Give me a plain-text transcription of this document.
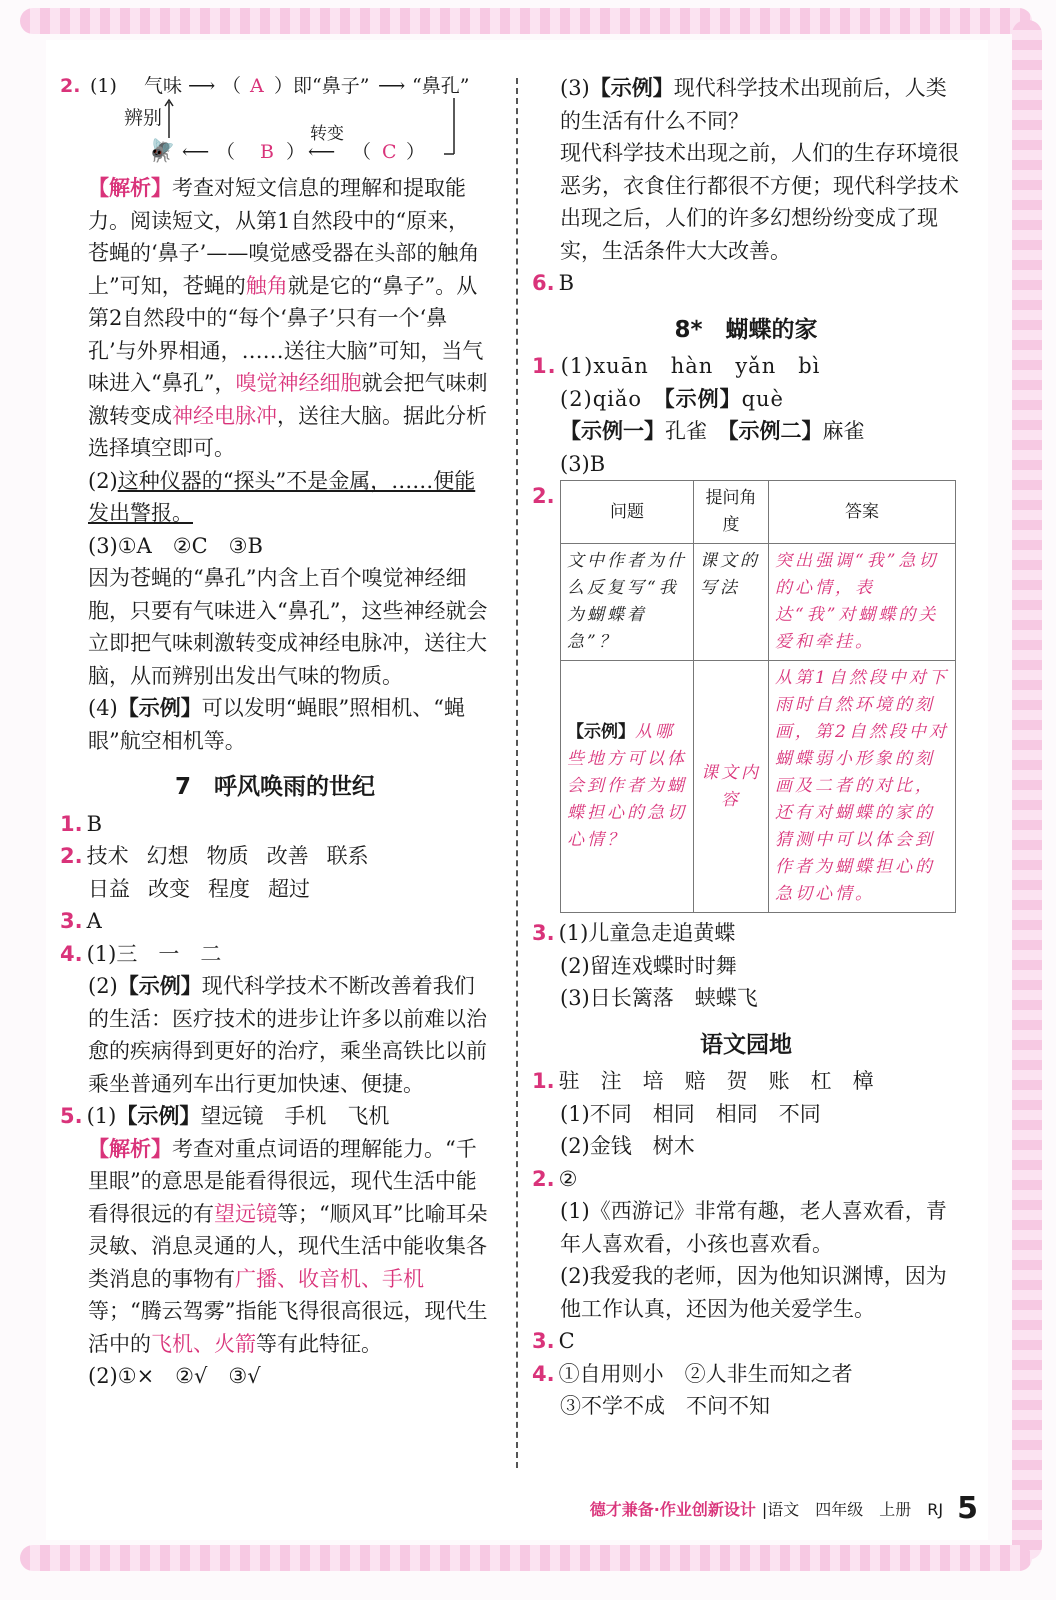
2. (1) 气味 ⟶ （ A ）即“鼻子” ⟶ “鼻孔”
辨别
🪰 ⟵ （ B ）
转变
⟵ （ C ）

【解析】考查对短文信息的理解和提取能力。阅读短文，从第1自然段中的“原来，苍蝇的‘鼻子’——嗅觉感受器在头部的触角上”可知，苍蝇的触角就是它的“鼻子”。从第2自然段中的“每个‘鼻子’只有一个‘鼻孔’与外界相通，……送往大脑”可知，当气味进入“鼻孔”，嗅觉神经细胞就会把气味刺激转变成神经电脉冲，送往大脑。据此分析选择填空即可。

(2)这种仪器的“探头”不是金属，……便能发出警报。

(3)①A　②C　③B

因为苍蝇的“鼻孔”内含上百个嗅觉神经细胞，只要有气味进入“鼻孔”，这些神经就会立即把气味刺激转变成神经电脉冲，送往大脑，从而辨别出发出气味的物质。

(4)【示例】可以发明“蝇眼”照相机、“蝇眼”航空相机等。

7　呼风唤雨的世纪

1. B

2. 技术 幻想 物质 改善 联系

日益 改变 程度 超过

3. A

4. (1)三　一　二

(2)【示例】现代科学技术不断改善着我们的生活：医疗技术的进步让许多以前难以治愈的疾病得到更好的治疗，乘坐高铁比以前乘坐普通列车出行更加快速、便捷。

5. (1)【示例】望远镜　手机　飞机

【解析】考查对重点词语的理解能力。“千里眼”的意思是能看得很远，现代生活中能看得很远的有望远镜等；“顺风耳”比喻耳朵灵敏、消息灵通的人，现代生活中能收集各类消息的事物有广播、收音机、手机等；“腾云驾雾”指能飞得很高很远，现代生活中的飞机、火箭等有此特征。

(2)①×　②√　③√

(3)【示例】现代科学技术出现前后，人类的生活有什么不同？

现代科学技术出现之前，人们的生存环境很恶劣，衣食住行都很不方便；现代科学技术出现之后，人们的许多幻想纷纷变成了现实，生活条件大大改善。

6. B

8*　蝴蝶的家

1. (1)xuān　hàn　yǎn　bì

(2)qiǎo　【示例】què

【示例一】孔雀　【示例二】麻雀

(3)B

2.
问题	提问角度	答案
文中作者为什么反复写“我为蝴蝶着急”？	课文的写法	突出强调“我”急切的心情，表达“我”对蝴蝶的关爱和牵挂。
【示例】从哪些地方可以体会到作者为蝴蝶担心的急切心情？	课文内容	从第1自然段中对下雨时自然环境的刻画，第2自然段中对蝴蝶弱小形象的刻画及二者的对比，还有对蝴蝶的家的猜测中可以体会到作者为蝴蝶担心的急切心情。

3. (1)儿童急走追黄蝶

(2)留连戏蝶时时舞

(3)日长篱落　蛱蝶飞

语文园地

1. 驻　注　培　赔　贺　账　杠　樟

(1)不同　相同　相同　不同

(2)金钱　树木

2. ②

(1)《西游记》非常有趣，老人喜欢看，青年人喜欢看，小孩也喜欢看。

(2)我爱我的老师，因为他知识渊博，因为他工作认真，还因为他关爱学生。

3. C

4. ①自用则小　②人非生而知之者

③不学不成　不问不知

德才兼备·作业创新设计 |语文　四年级　上册　RJ 5
